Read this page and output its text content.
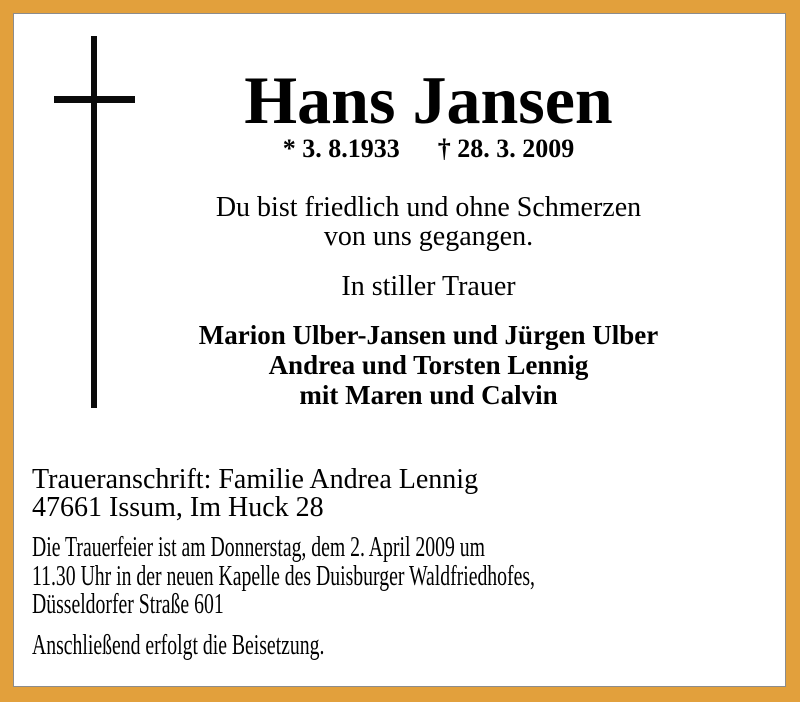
Hans Jansen
* 3. 8.1933 † 28. 3. 2009
Du bist friedlich und ohne Schmerzen
von uns gegangen.
In stiller Trauer
Marion Ulber-Jansen und Jürgen Ulber
Andrea und Torsten Lennig
mit Maren und Calvin
Traueranschrift: Familie Andrea Lennig
47661 Issum, Im Huck 28
Die Trauerfeier ist am Donnerstag, dem 2. April 2009 um
11.30 Uhr in der neuen Kapelle des Duisburger Waldfriedhofes,
Düsseldorfer Straße 601
Anschließend erfolgt die Beisetzung.
